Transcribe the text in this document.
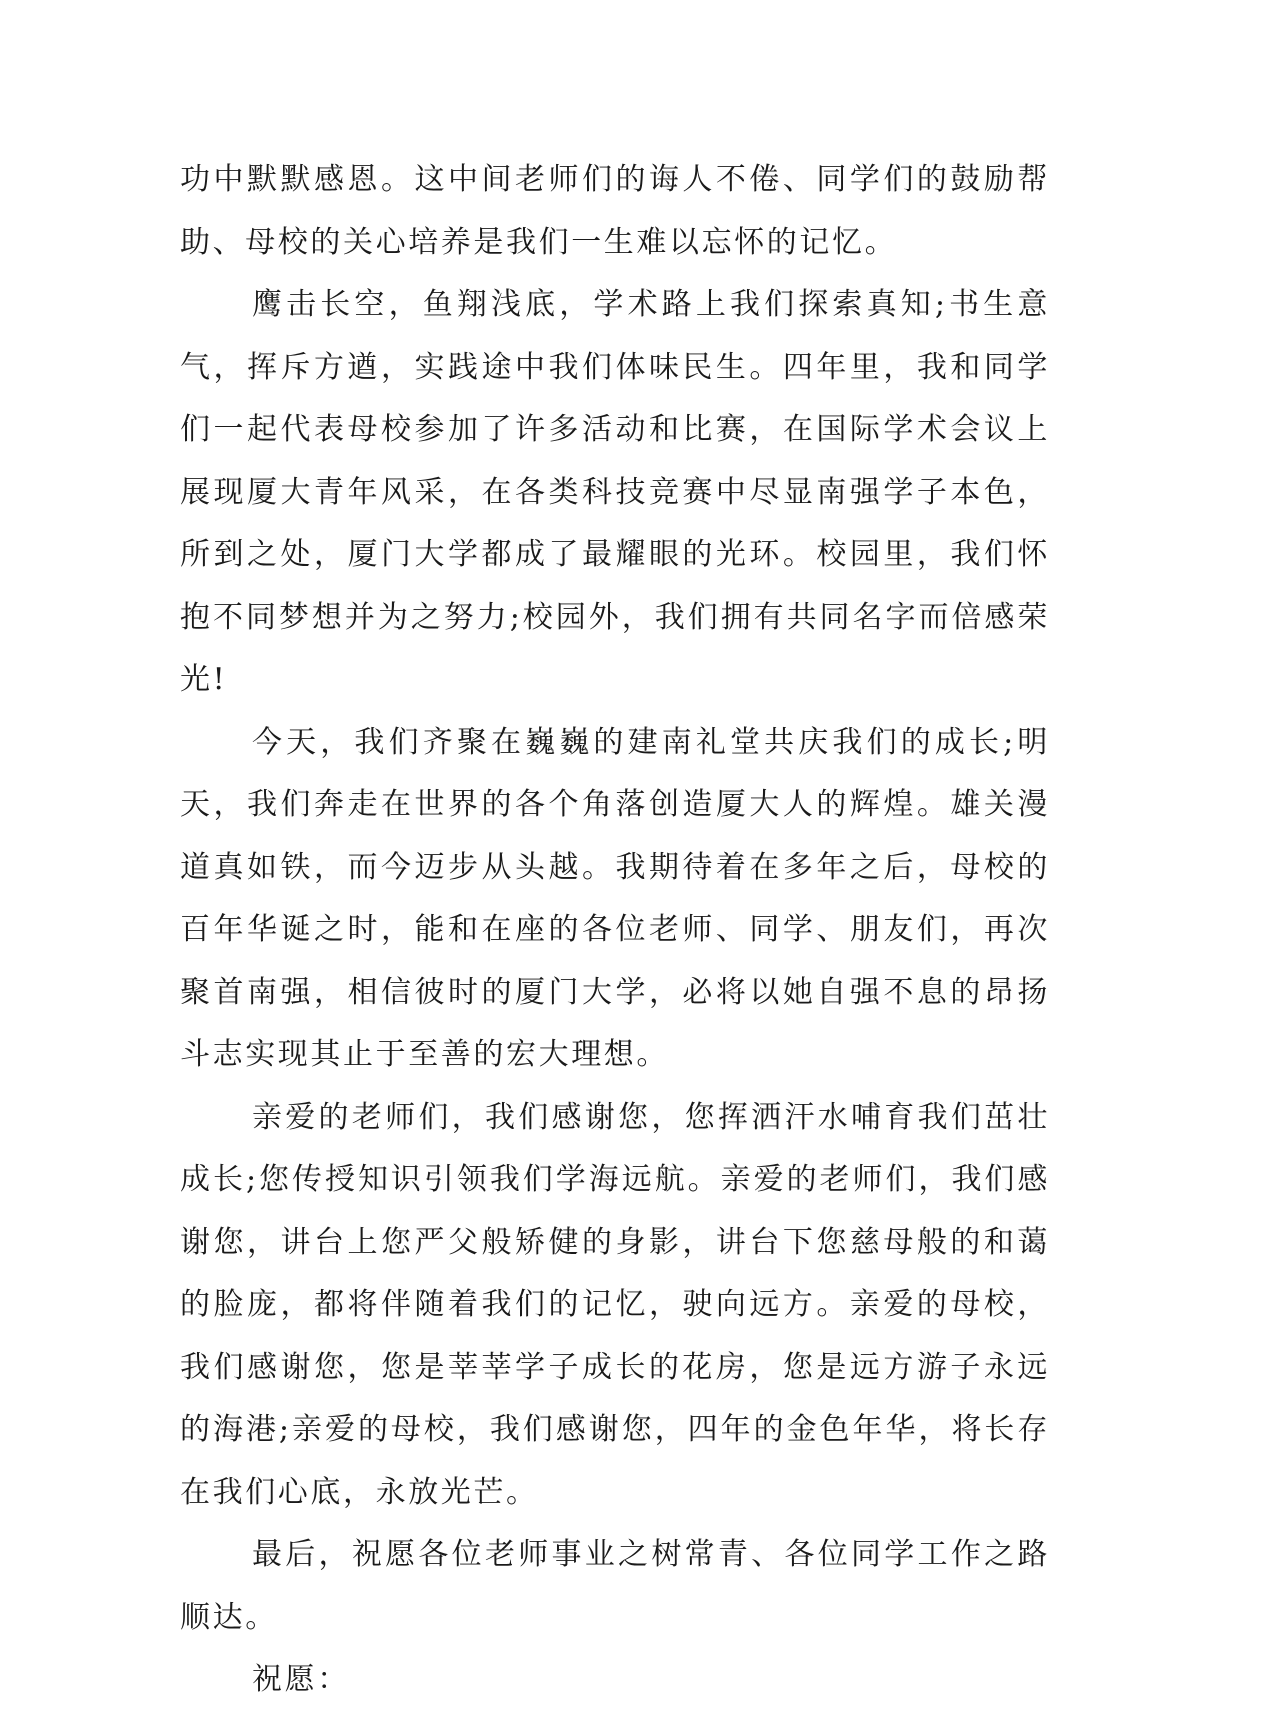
功中默默感恩。这中间老师们的诲人不倦、同学们的鼓励帮助、母校的关心培养是我们一生难以忘怀的记忆。

鹰击长空，鱼翔浅底，学术路上我们探索真知;书生意气，挥斥方遒，实践途中我们体味民生。四年里，我和同学们一起代表母校参加了许多活动和比赛，在国际学术会议上展现厦大青年风采，在各类科技竞赛中尽显南强学子本色，所到之处，厦门大学都成了最耀眼的光环。校园里，我们怀抱不同梦想并为之努力;校园外，我们拥有共同名字而倍感荣光!

今天，我们齐聚在巍巍的建南礼堂共庆我们的成长;明天，我们奔走在世界的各个角落创造厦大人的辉煌。雄关漫道真如铁，而今迈步从头越。我期待着在多年之后，母校的百年华诞之时，能和在座的各位老师、同学、朋友们，再次聚首南强，相信彼时的厦门大学，必将以她自强不息的昂扬斗志实现其止于至善的宏大理想。

亲爱的老师们，我们感谢您，您挥洒汗水哺育我们茁壮成长;您传授知识引领我们学海远航。亲爱的老师们，我们感谢您，讲台上您严父般矫健的身影，讲台下您慈母般的和蔼的脸庞，都将伴随着我们的记忆，驶向远方。亲爱的母校，我们感谢您，您是莘莘学子成长的花房，您是远方游子永远的海港;亲爱的母校，我们感谢您，四年的金色年华，将长存在我们心底，永放光芒。

最后，祝愿各位老师事业之树常青、各位同学工作之路顺达。

祝愿：
